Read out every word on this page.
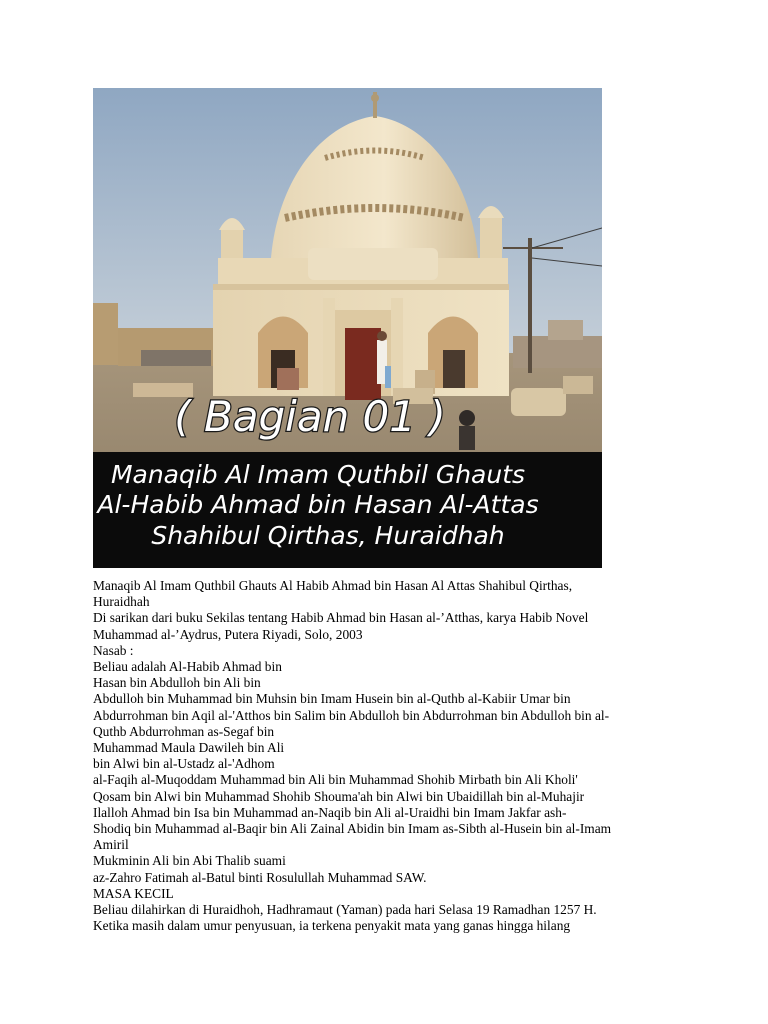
( Bagian 01 )
Manaqib Al Imam Quthbil Ghauts
Al-Habib Ahmad bin Hasan Al-Attas
Shahibul Qirthas, Huraidhah

Manaqib Al Imam Quthbil Ghauts Al Habib Ahmad bin Hasan Al Attas Shahibul Qirthas,

Huraidhah

Di sarikan dari buku Sekilas tentang Habib Ahmad bin Hasan al-’Atthas, karya Habib Novel

Muhammad al-’Aydrus, Putera Riyadi, Solo, 2003

Nasab :

Beliau adalah Al-Habib Ahmad bin

Hasan bin Abdulloh bin Ali bin

Abdulloh bin Muhammad bin Muhsin bin Imam Husein bin al-Quthb al-Kabiir Umar bin

Abdurrohman bin Aqil al-'Atthos bin Salim bin Abdulloh bin Abdurrohman bin Abdulloh bin al-

Quthb Abdurrohman as-Segaf bin

Muhammad Maula Dawileh bin Ali

bin Alwi bin al-Ustadz al-'Adhom

al-Faqih al-Muqoddam Muhammad bin Ali bin Muhammad Shohib Mirbath bin Ali Kholi'

Qosam bin Alwi bin Muhammad Shohib Shouma'ah bin Alwi bin Ubaidillah bin al-Muhajir

Ilalloh Ahmad bin Isa bin Muhammad an-Naqib bin Ali al-Uraidhi bin Imam Jakfar ash-

Shodiq bin Muhammad al-Baqir bin Ali Zainal Abidin bin Imam as-Sibth al-Husein bin al-Imam

Amiril

Mukminin Ali bin Abi Thalib suami

az-Zahro Fatimah al-Batul binti Rosulullah Muhammad SAW.

MASA KECIL

Beliau dilahirkan di Huraidhoh, Hadhramaut (Yaman) pada hari Selasa 19 Ramadhan 1257 H.

Ketika masih dalam umur penyusuan, ia terkena penyakit mata yang ganas hingga hilang
